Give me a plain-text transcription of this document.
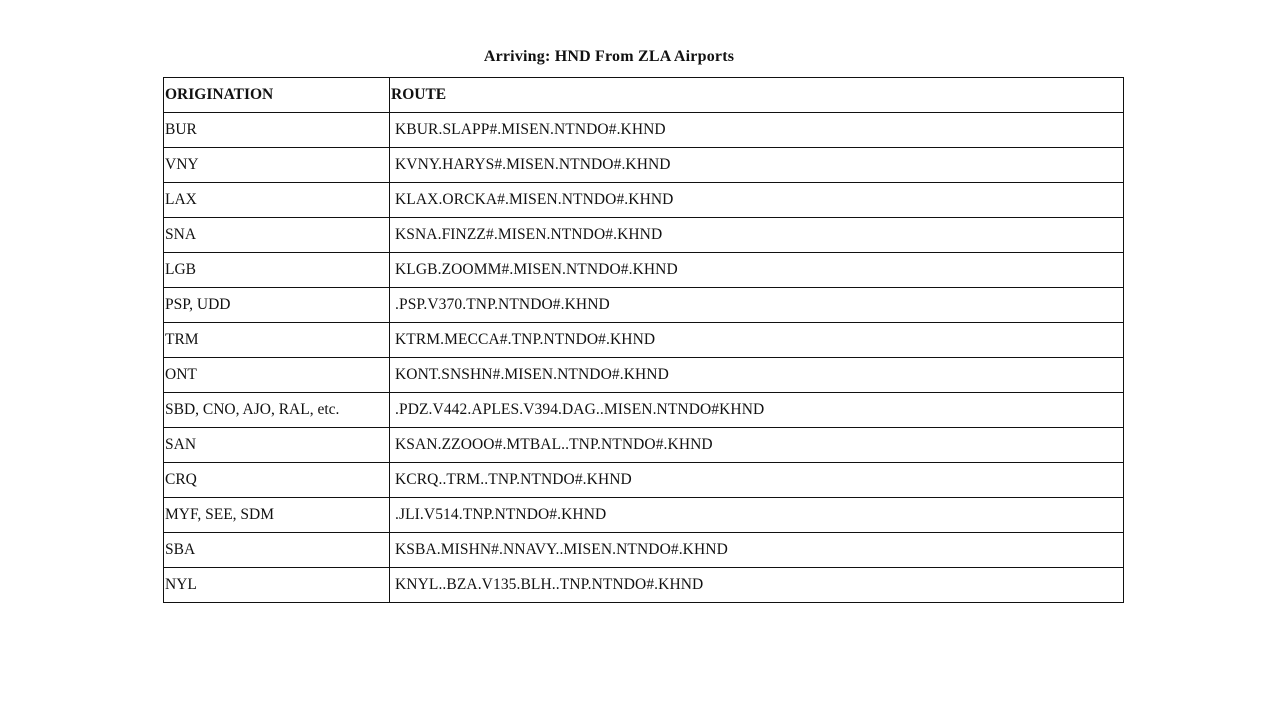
Arriving: HND From ZLA Airports
ORIGINATION	ROUTE
BUR	KBUR.SLAPP#.MISEN.NTNDO#.KHND
VNY	KVNY.HARYS#.MISEN.NTNDO#.KHND
LAX	KLAX.ORCKA#.MISEN.NTNDO#.KHND
SNA	KSNA.FINZZ#.MISEN.NTNDO#.KHND
LGB	KLGB.ZOOMM#.MISEN.NTNDO#.KHND
PSP, UDD	.PSP.V370.TNP.NTNDO#.KHND
TRM	KTRM.MECCA#.TNP.NTNDO#.KHND
ONT	KONT.SNSHN#.MISEN.NTNDO#.KHND
SBD, CNO, AJO, RAL, etc.	.PDZ.V442.APLES.V394.DAG..MISEN.NTNDO#KHND
SAN	KSAN.ZZOOO#.MTBAL..TNP.NTNDO#.KHND
CRQ	KCRQ..TRM..TNP.NTNDO#.KHND
MYF, SEE, SDM	.JLI.V514.TNP.NTNDO#.KHND
SBA	KSBA.MISHN#.NNAVY..MISEN.NTNDO#.KHND
NYL	KNYL..BZA.V135.BLH..TNP.NTNDO#.KHND
